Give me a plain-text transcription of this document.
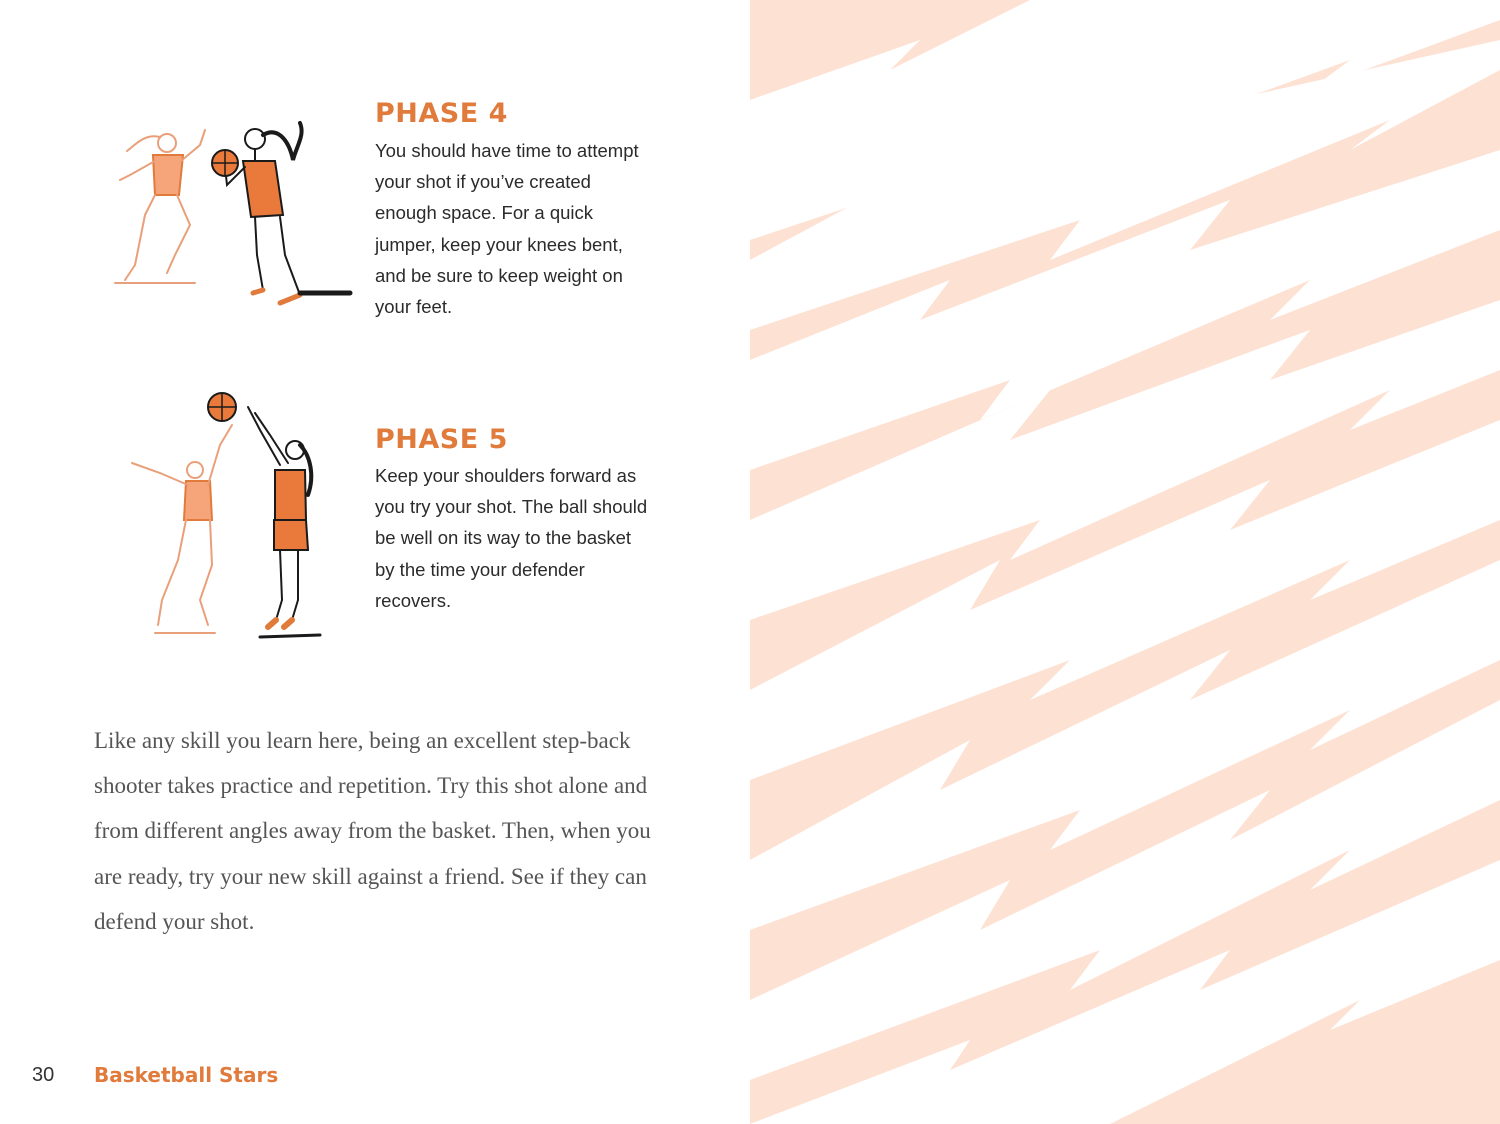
PHASE 4

You should have time to attempt your shot if you’ve created enough space. For a quick jumper, keep your knees bent, and be sure to keep weight on your feet.

PHASE 5

Keep your shoulders forward as you try your shot. The ball should be well on its way to the basket by the time your defender recovers.

Like any skill you learn here, being an excellent step-back shooter takes practice and repetition. Try this shot alone and from different angles away from the basket. Then, when you are ready, try your new skill against a friend. See if they can defend your shot.

30 Basketball Stars
